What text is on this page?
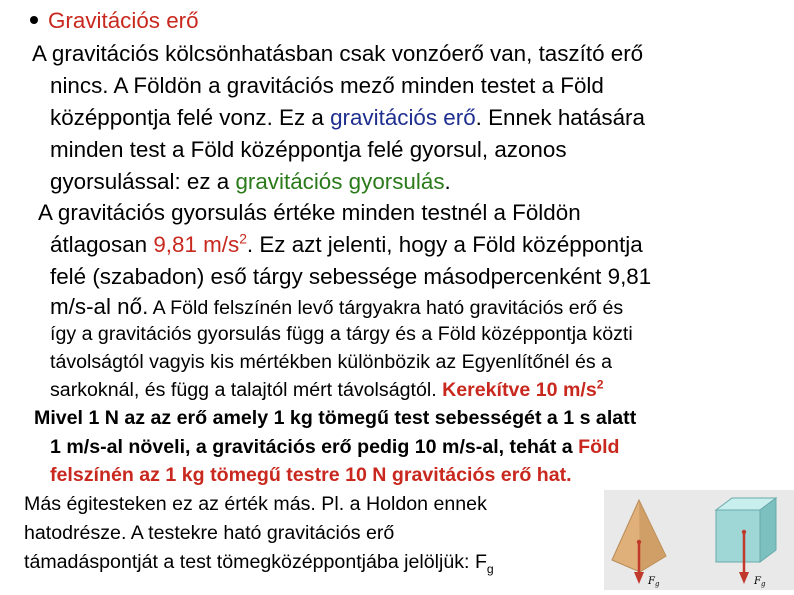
Gravitációs erő
A gravitációs kölcsönhatásban csak vonzóerő van, taszító erő
nincs. A Földön a gravitációs mező minden testet a Föld
középpontja felé vonz. Ez a gravitációs erő. Ennek hatására
minden test a Föld középpontja felé gyorsul, azonos
gyorsulással: ez a gravitációs gyorsulás.
A gravitációs gyorsulás értéke minden testnél a Földön
átlagosan 9,81 $m/s^2$. Ez azt jelenti, hogy a Föld középpontja
felé (szabadon) eső tárgy sebessége másodpercenként 9,81
m/s-al nő. A Föld felszínén levő tárgyakra ható gravitációs erő és
így a gravitációs gyorsulás függ a tárgy és a Föld középpontja közti
távolságtól vagyis kis mértékben különbözik az Egyenlítőnél és a
sarkoknál, és függ a talajtól mért távolságtól. Kerekítve 10 $m/s^2$
Mivel 1 N az az erő amely 1 kg tömegű test sebességét a 1 s alatt
1 m/s-al növeli, a gravitációs erő pedig 10 m/s-al, tehát a Föld
felszínén az 1 kg tömegű testre 10 N gravitációs erő hat.
Más égitesteken ez az érték más. Pl. a Holdon ennek
hatodrésze. A testekre ható gravitációs erő
támadáspontját a test tömegközéppontjába jelöljük: $F_g$
$F_g$	$F_g$
